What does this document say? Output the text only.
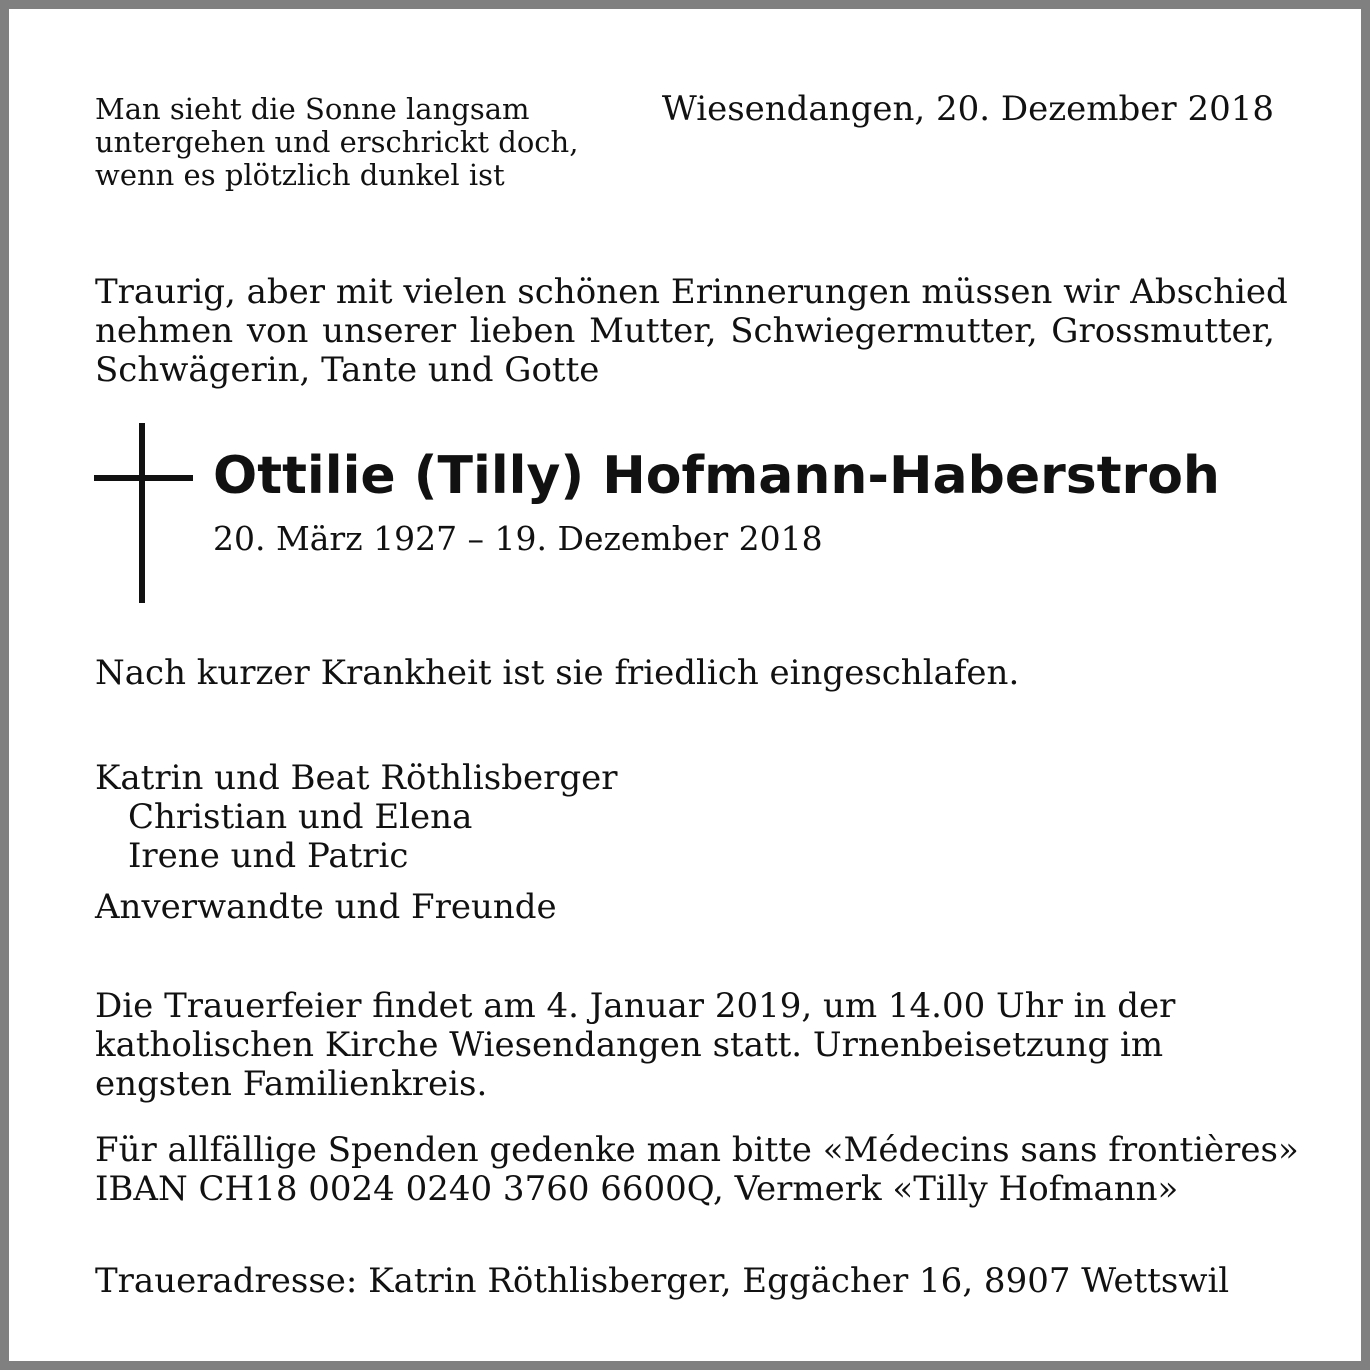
Man sieht die Sonne langsam
untergehen und erschrickt doch,
wenn es plötzlich dunkel ist

Wiesendangen, 20. Dezember 2018

Traurig, aber mit vielen schönen Erinnerungen müssen wir Abschied
nehmen von unserer lieben Mutter, Schwiegermutter, Grossmutter,
Schwägerin, Tante und Gotte

Ottilie (Tilly) Hofmann-Haberstroh

20. März 1927 – 19. Dezember 2018

Nach kurzer Krankheit ist sie friedlich eingeschlafen.

Katrin und Beat Röthlisberger
Christian und Elena
Irene und Patric

Anverwandte und Freunde

Die Trauerfeier findet am 4. Januar 2019, um 14.00 Uhr in der
katholischen Kirche Wiesendangen statt. Urnenbeisetzung im
engsten Familienkreis.

Für allfällige Spenden gedenke man bitte «Médecins sans frontières»
IBAN CH18 0024 0240 3760 6600Q, Vermerk «Tilly Hofmann»

Traueradresse: Katrin Röthlisberger, Eggächer 16, 8907 Wettswil
